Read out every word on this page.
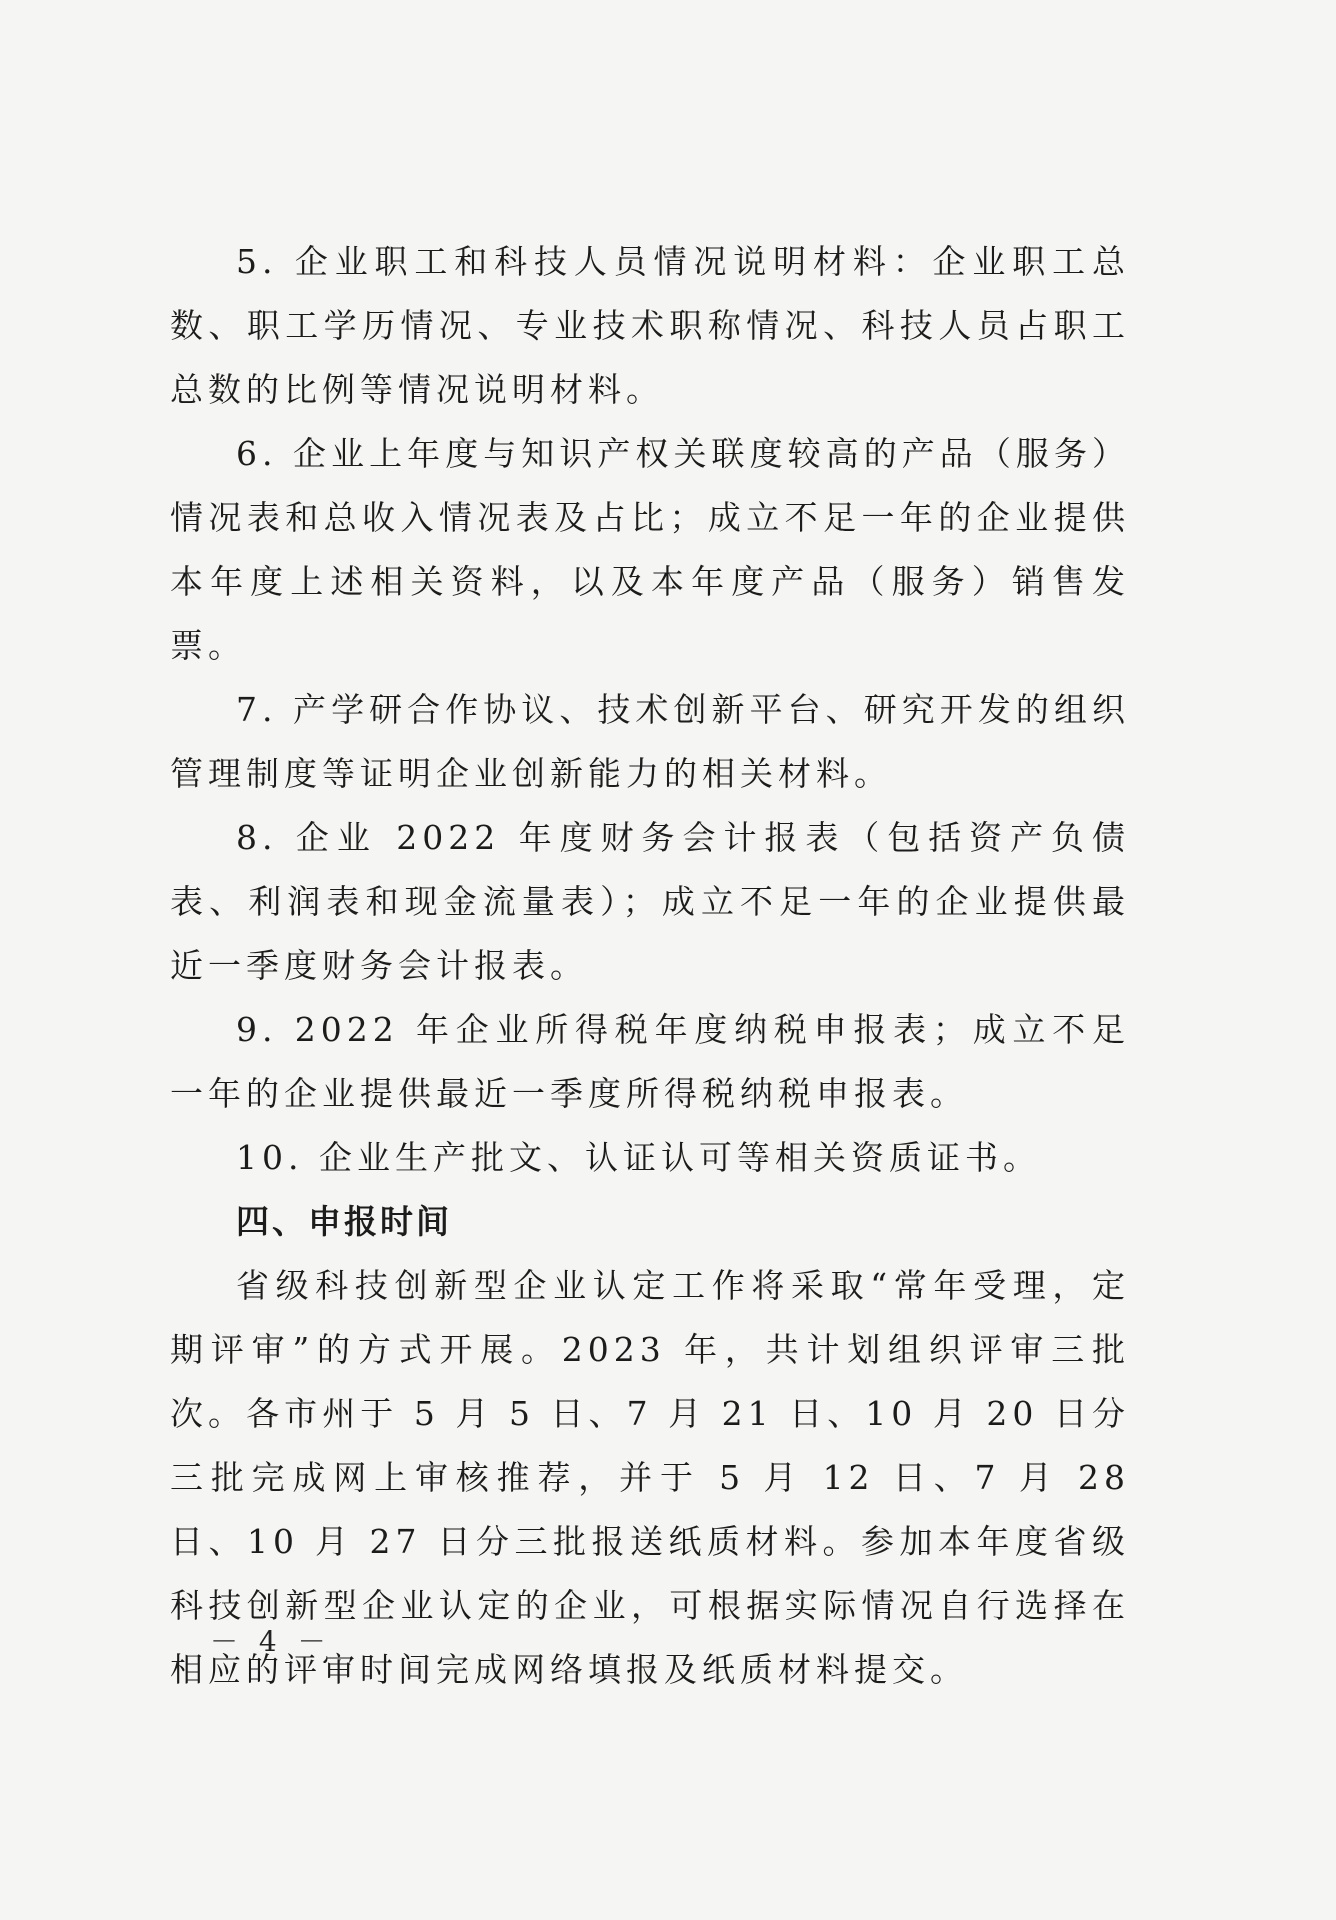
5. 企业职工和科技人员情况说明材料：企业职工总数、职工学历情况、专业技术职称情况、科技人员占职工总数的比例等情况说明材料。

6. 企业上年度与知识产权关联度较高的产品（服务）情况表和总收入情况表及占比；成立不足一年的企业提供本年度上述相关资料，以及本年度产品（服务）销售发票。

7. 产学研合作协议、技术创新平台、研究开发的组织管理制度等证明企业创新能力的相关材料。

8. 企业 2022 年度财务会计报表（包括资产负债表、利润表和现金流量表）；成立不足一年的企业提供最近一季度财务会计报表。

9. 2022 年企业所得税年度纳税申报表；成立不足一年的企业提供最近一季度所得税纳税申报表。

10. 企业生产批文、认证认可等相关资质证书。

四、申报时间

省级科技创新型企业认定工作将采取“常年受理，定期评审”的方式开展。2023 年，共计划组织评审三批次。各市州于 5 月 5 日、7 月 21 日、10 月 20 日分三批完成网上审核推荐，并于 5 月 12 日、7 月 28 日、10 月 27 日分三批报送纸质材料。参加本年度省级科技创新型企业认定的企业，可根据实际情况自行选择在相应的评审时间完成网络填报及纸质材料提交。

－ 4 －
